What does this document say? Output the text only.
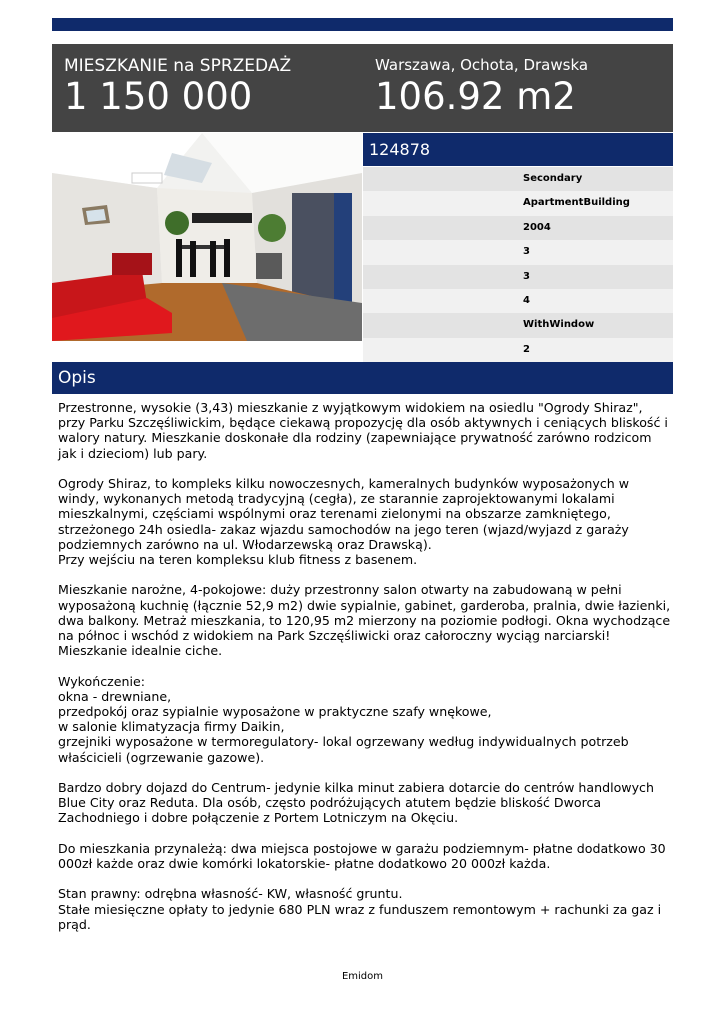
MIESZKANIE na SPRZEDAŻ
1 150 000
Warszawa, Ochota, Drawska
106.92 m2
124878
Secondary
ApartmentBuilding
2004
3
3
4
WithWindow
2
Opis

Przestronne, wysokie (3,43) mieszkanie z wyjątkowym widokiem na osiedlu "Ogrody Shiraz", przy Parku Szczęśliwickim, będące ciekawą propozycję dla osób aktywnych i ceniących bliskość i walory natury. Mieszkanie doskonałe dla rodziny (zapewniające prywatność zarówno rodzicom jak i dzieciom) lub pary.

Ogrody Shiraz, to kompleks kilku nowoczesnych, kameralnych budynków wyposażonych w windy, wykonanych metodą tradycyjną (cegła), ze starannie zaprojektowanymi lokalami mieszkalnymi, częściami wspólnymi oraz terenami zielonymi na obszarze zamkniętego, strzeżonego 24h osiedla- zakaz wjazdu samochodów na jego teren (wjazd/wyjazd z garaży podziemnych zarówno na ul. Włodarzewską oraz Drawską).
Przy wejściu na teren kompleksu klub fitness z basenem.

Mieszkanie narożne, 4-pokojowe: duży przestronny salon otwarty na zabudowaną w pełni wyposażoną kuchnię (łącznie 52,9 m2) dwie sypialnie, gabinet, garderoba, pralnia, dwie łazienki, dwa balkony. Metraż mieszkania, to 120,95 m2 mierzony na poziomie podłogi. Okna wychodzące na północ i wschód z widokiem na Park Szczęśliwicki oraz całoroczny wyciąg narciarski! Mieszkanie idealnie ciche.

Wykończenie:
okna - drewniane,
przedpokój oraz sypialnie wyposażone w praktyczne szafy wnękowe,
w salonie klimatyzacja firmy Daikin,
grzejniki wyposażone w termoregulatory- lokal ogrzewany według indywidualnych potrzeb właścicieli (ogrzewanie gazowe).

Bardzo dobry dojazd do Centrum- jedynie kilka minut zabiera dotarcie do centrów handlowych Blue City oraz Reduta. Dla osób, często podróżujących atutem będzie bliskość Dworca Zachodniego i dobre połączenie z Portem Lotniczym na Okęciu.

Do mieszkania przynależą: dwa miejsca postojowe w garażu podziemnym- płatne dodatkowo 30 000zł każde oraz dwie komórki lokatorskie- płatne dodatkowo 20 000zł każda.

Stan prawny: odrębna własność- KW, własność gruntu.
Stałe miesięczne opłaty to jedynie 680 PLN wraz z funduszem remontowym + rachunki za gaz i prąd.

Emidom
